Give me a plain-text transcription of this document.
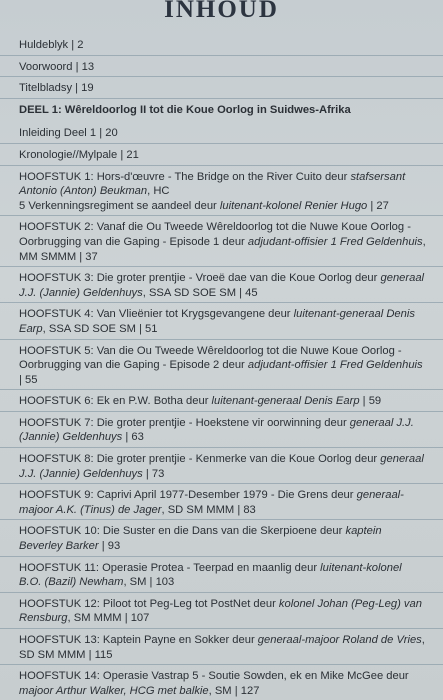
INHOUD
Huldeblyk | 2
Voorwoord | 13
Titelbladsy | 19
DEEL 1: Wêreldoorlog II tot die Koue Oorlog in Suidwes-Afrika
Inleiding Deel 1 | 20
Kronologie//Mylpale | 21
HOOFSTUK 1: Hors-d'œuvre - The Bridge on the River Cuito deur stafsersant
Antonio (Anton) Beukman, HC
5 Verkenningsregiment se aandeel deur luitenant-kolonel Renier Hugo | 27
HOOFSTUK 2: Vanaf die Ou Tweede Wêreldoorlog tot die Nuwe Koue Oorlog - Oorbrugging van die Gaping - Episode 1 deur adjudant-offisier 1 Fred Geldenhuis, MM SMMM | 37
HOOFSTUK 3: Die groter prentjie - Vroeë dae van die Koue Oorlog deur generaal J.J. (Jannie) Geldenhuys, SSA SD SOE SM | 45
HOOFSTUK 4: Van Vlieënier tot Krygsgevangene deur luitenant-generaal Denis Earp, SSA SD SOE SM | 51
HOOFSTUK 5: Van die Ou Tweede Wêreldoorlog tot die Nuwe Koue Oorlog - Oorbrugging van die Gaping - Episode 2 deur adjudant-offisier 1 Fred Geldenhuis | 55
HOOFSTUK 6: Ek en P.W. Botha deur luitenant-generaal Denis Earp | 59
HOOFSTUK 7: Die groter prentjie - Hoekstene vir oorwinning deur generaal J.J. (Jannie) Geldenhuys | 63
HOOFSTUK 8: Die groter prentjie - Kenmerke van die Koue Oorlog deur generaal J.J. (Jannie) Geldenhuys | 73
HOOFSTUK 9: Caprivi April 1977-Desember 1979 - Die Grens deur generaal-majoor A.K. (Tinus) de Jager, SD SM MMM | 83
HOOFSTUK 10: Die Suster en die Dans van die Skerpioene deur kaptein Beverley Barker | 93
HOOFSTUK 11: Operasie Protea - Teerpad en maanlig deur luitenant-kolonel B.O. (Bazil) Newham, SM | 103
HOOFSTUK 12: Piloot tot Peg-Leg tot PostNet deur kolonel Johan (Peg-Leg) van Rensburg, SM MMM | 107
HOOFSTUK 13: Kaptein Payne en Sokker deur generaal-majoor Roland de Vries, SD SM MMM | 115
HOOFSTUK 14: Operasie Vastrap 5 - Soutie Sowden, ek en Mike McGee deur majoor Arthur Walker, HCG met balkie, SM | 127
